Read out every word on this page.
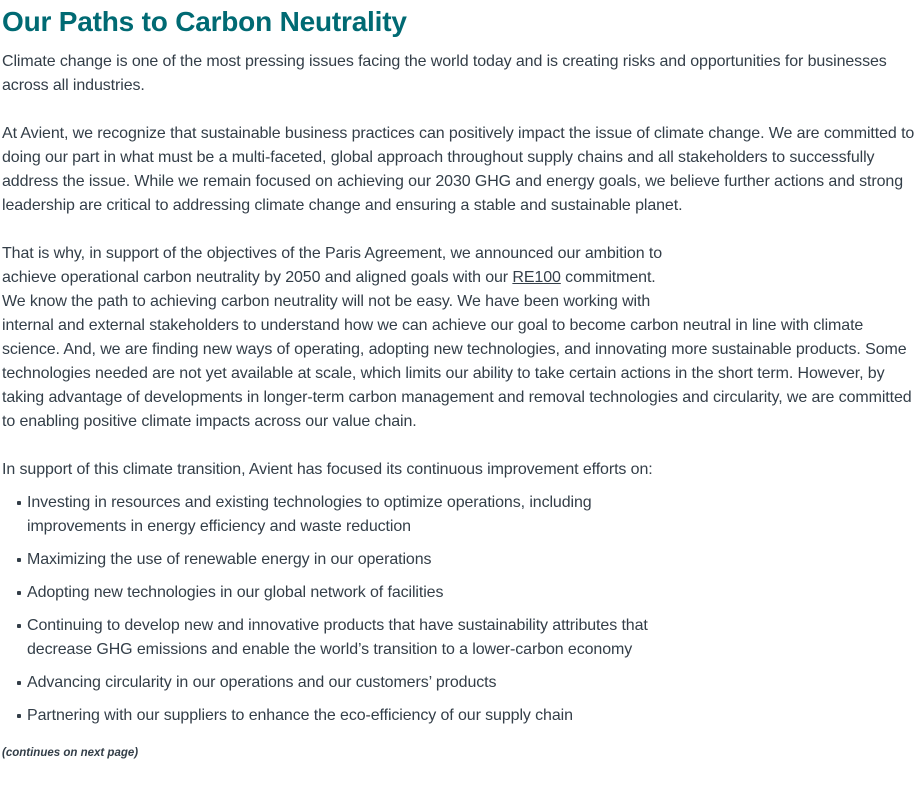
Our Paths to Carbon Neutrality

Climate change is one of the most pressing issues facing the world today and is creating risks and opportunities for businesses across all industries.

At Avient, we recognize that sustainable business practices can positively impact the issue of climate change. We are committed to doing our part in what must be a multi-faceted, global approach throughout supply chains and all stakeholders to successfully address the issue. While we remain focused on achieving our 2030 GHG and energy goals, we believe further actions and strong leadership are critical to addressing climate change and ensuring a stable and sustainable planet.

That is why, in support of the objectives of the Paris Agreement, we announced our ambition to
achieve operational carbon neutrality by 2050 and aligned goals with our RE100 commitment.
We know the path to achieving carbon neutrality will not be easy. We have been working with
internal and external stakeholders to understand how we can achieve our goal to become carbon neutral in line with climate science. And, we are finding new ways of operating, adopting new technologies, and innovating more sustainable products. Some technologies needed are not yet available at scale, which limits our ability to take certain actions in the short term. However, by taking advantage of developments in longer-term carbon management and removal technologies and circularity, we are committed to enabling positive climate impacts across our value chain.

In support of this climate transition, Avient has focused its continuous improvement efforts on:

Investing in resources and existing technologies to optimize operations, including
improvements in energy efficiency and waste reduction
Maximizing the use of renewable energy in our operations
Adopting new technologies in our global network of facilities
Continuing to develop new and innovative products that have sustainability attributes that
decrease GHG emissions and enable the world’s transition to a lower-carbon economy
Advancing circularity in our operations and our customers’ products
Partnering with our suppliers to enhance the eco-efficiency of our supply chain
(continues on next page)
